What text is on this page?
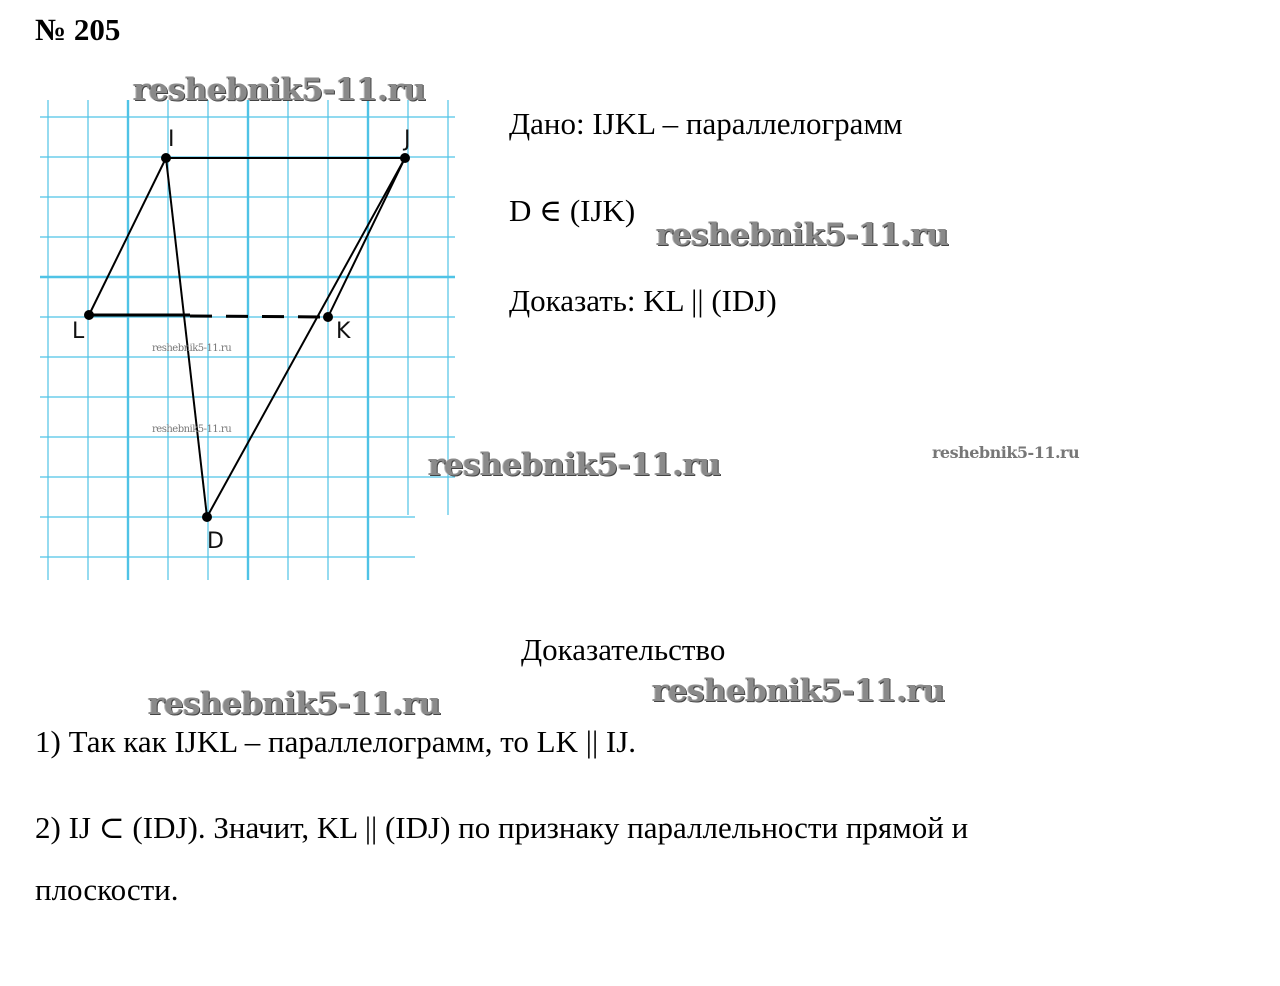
№ 205
I	J
L	K
D
Дано: IJKL – параллелограмм
D ∈ (IJK)
Доказать: KL || (IDJ)
Доказательство
1) Так как IJKL – параллелограмм, то LK || IJ.
2) IJ ⊂ (IDJ). Значит, KL || (IDJ) по признаку параллельности прямой и
плоскости.
reshebnik5-11.ru
reshebnik5-11.ru
reshebnik5-11.ru
reshebnik5-11.ru	reshebnik5-11.ru
reshebnik5-11.ru
reshebnik5-11.ru
reshebnik5-11.ru
